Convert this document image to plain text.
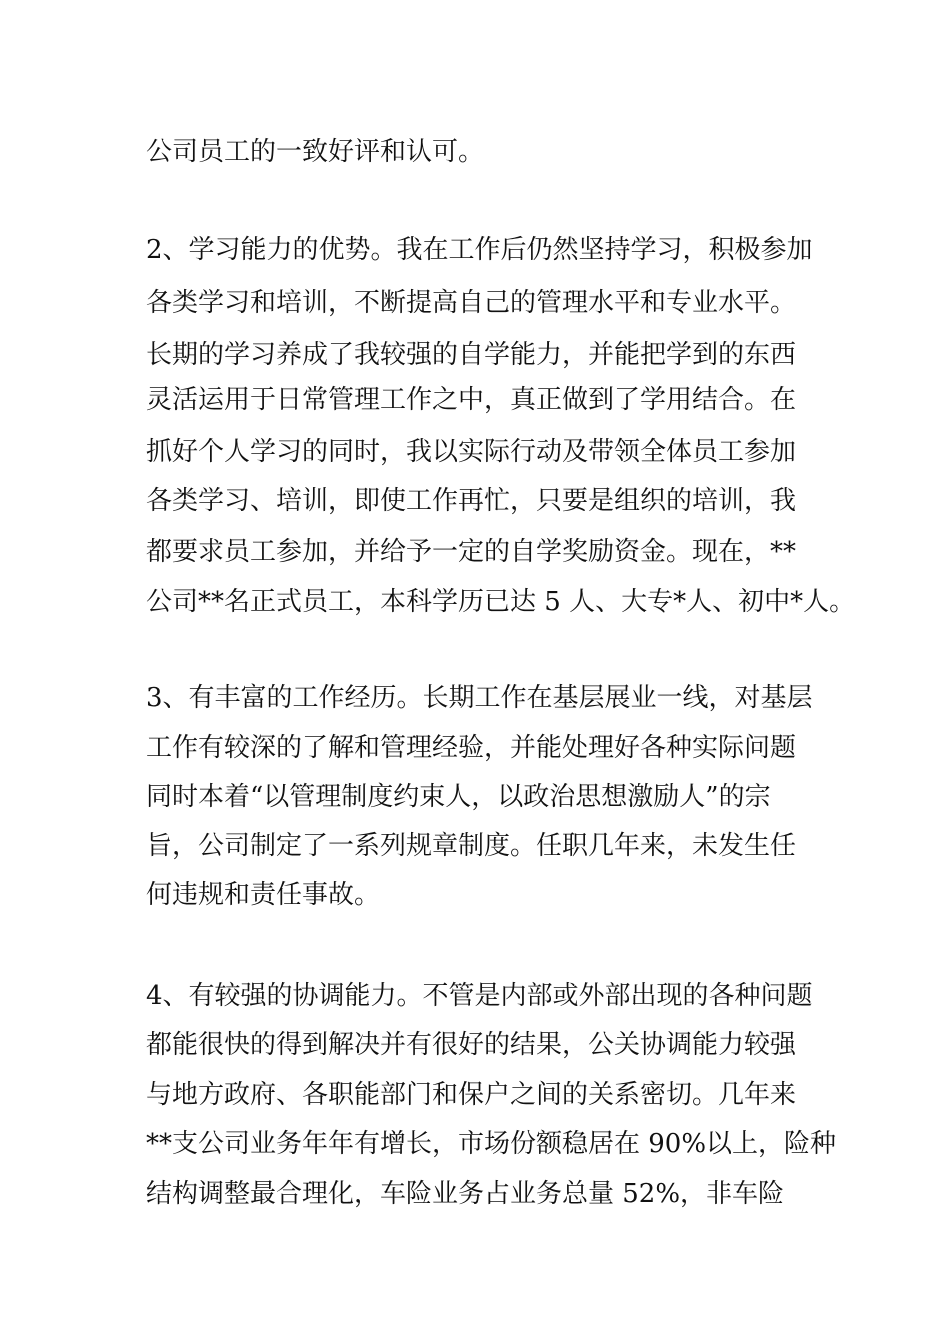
公司员工的一致好评和认可。
2、学习能力的优势。我在工作后仍然坚持学习，积极参加
各类学习和培训，不断提高自己的管理水平和专业水平。
长期的学习养成了我较强的自学能力，并能把学到的东西
灵活运用于日常管理工作之中，真正做到了学用结合。在
抓好个人学习的同时，我以实际行动及带领全体员工参加
各类学习、培训，即使工作再忙，只要是组织的培训，我
都要求员工参加，并给予一定的自学奖励资金。现在，**
公司**名正式员工，本科学历已达 5 人、大专*人、初中*人。
3、有丰富的工作经历。长期工作在基层展业一线，对基层
工作有较深的了解和管理经验，并能处理好各种实际问题
同时本着“以管理制度约束人，以政治思想激励人”的宗
旨，公司制定了一系列规章制度。任职几年来，未发生任
何违规和责任事故。
4、有较强的协调能力。不管是内部或外部出现的各种问题
都能很快的得到解决并有很好的结果，公关协调能力较强
与地方政府、各职能部门和保户之间的关系密切。几年来
**支公司业务年年有增长，市场份额稳居在 90%以上，险种
结构调整最合理化，车险业务占业务总量 52%，非车险
